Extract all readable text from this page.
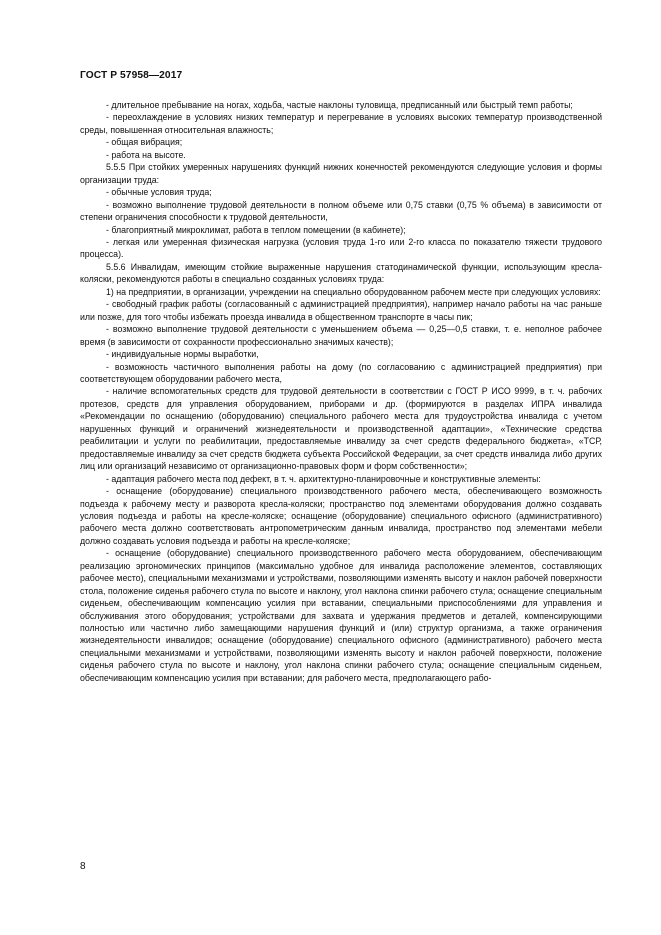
ГОСТ Р 57958—2017

- длительное пребывание на ногах, ходьба, частые наклоны туловища, предписанный или быстрый темп работы;

- переохлаждение в условиях низких температур и перегревание в условиях высоких температур производственной среды, повышенная относительная влажность;

- общая вибрация;

- работа на высоте.

5.5.5 При стойких умеренных нарушениях функций нижних конечностей рекомендуются следующие условия и формы организации труда:

- обычные условия труда;

- возможно выполнение трудовой деятельности в полном объеме или 0,75 ставки (0,75 % объема) в зависимости от степени ограничения способности к трудовой деятельности,

- благоприятный микроклимат, работа в теплом помещении (в кабинете);

- легкая или умеренная физическая нагрузка (условия труда 1-го или 2-го класса по показателю тяжести трудового процесса).

5.5.6 Инвалидам, имеющим стойкие выраженные нарушения статодинамической функции, использующим кресла-коляски, рекомендуются работы в специально созданных условиях труда:

1) на предприятии, в организации, учреждении на специально оборудованном рабочем месте при следующих условиях:

- свободный график работы (согласованный с администрацией предприятия), например начало работы на час раньше или позже, для того чтобы избежать проезда инвалида в общественном транспорте в часы пик;

- возможно выполнение трудовой деятельности с уменьшением объема — 0,25—0,5 ставки, т. е. неполное рабочее время (в зависимости от сохранности профессионально значимых качеств);

- индивидуальные нормы выработки,

- возможность частичного выполнения работы на дому (по согласованию с администрацией предприятия) при соответствующем оборудовании рабочего места,

- наличие вспомогательных средств для трудовой деятельности в соответствии с ГОСТ Р ИСО 9999, в т. ч. рабочих протезов, средств для управления оборудованием, приборами и др. (формируются в разделах ИПРА инвалида «Рекомендации по оснащению (оборудованию) специального рабочего места для трудоустройства инвалида с учетом нарушенных функций и ограничений жизнедеятельности и производственной адаптации», «Технические средства реабилитации и услуги по реабилитации, предоставляемые инвалиду за счет средств федерального бюджета», «ТСР, предоставляемые инвалиду за счет средств бюджета субъекта Российской Федерации, за счет средств инвалида либо других лиц или организаций независимо от организационно-правовых форм и форм собственности»;

- адаптация рабочего места под дефект, в т. ч. архитектурно-планировочные и конструктивные элементы:

- оснащение (оборудование) специального производственного рабочего места, обеспечивающего возможность подъезда к рабочему месту и разворота кресла-коляски; пространство под элементами оборудования должно создавать условия подъезда и работы на кресле-коляске; оснащение (оборудование) специального офисного (административного) рабочего места должно соответствовать антропометрическим данным инвалида, пространство под элементами мебели должно создавать условия подъезда и работы на кресле-коляске;

- оснащение (оборудование) специального производственного рабочего места оборудованием, обеспечивающим реализацию эргономических принципов (максимально удобное для инвалида расположение элементов, составляющих рабочее место), специальными механизмами и устройствами, позволяющими изменять высоту и наклон рабочей поверхности стола, положение сиденья рабочего стула по высоте и наклону, угол наклона спинки рабочего стула; оснащение специальным сиденьем, обеспечивающим компенсацию усилия при вставании, специальными приспособлениями для управления и обслуживания этого оборудования; устройствами для захвата и удержания предметов и деталей, компенсирующими полностью или частично либо замещающими нарушения функций и (или) структур организма, а также ограничения жизнедеятельности инвалидов; оснащение (оборудование) специального офисного (административного) рабочего места специальными механизмами и устройствами, позволяющими изменять высоту и наклон рабочей поверхности, положение сиденья рабочего стула по высоте и наклону, угол наклона спинки рабочего стула; оснащение специальным сиденьем, обеспечивающим компенсацию усилия при вставании; для рабочего места, предполагающего рабо-

8
